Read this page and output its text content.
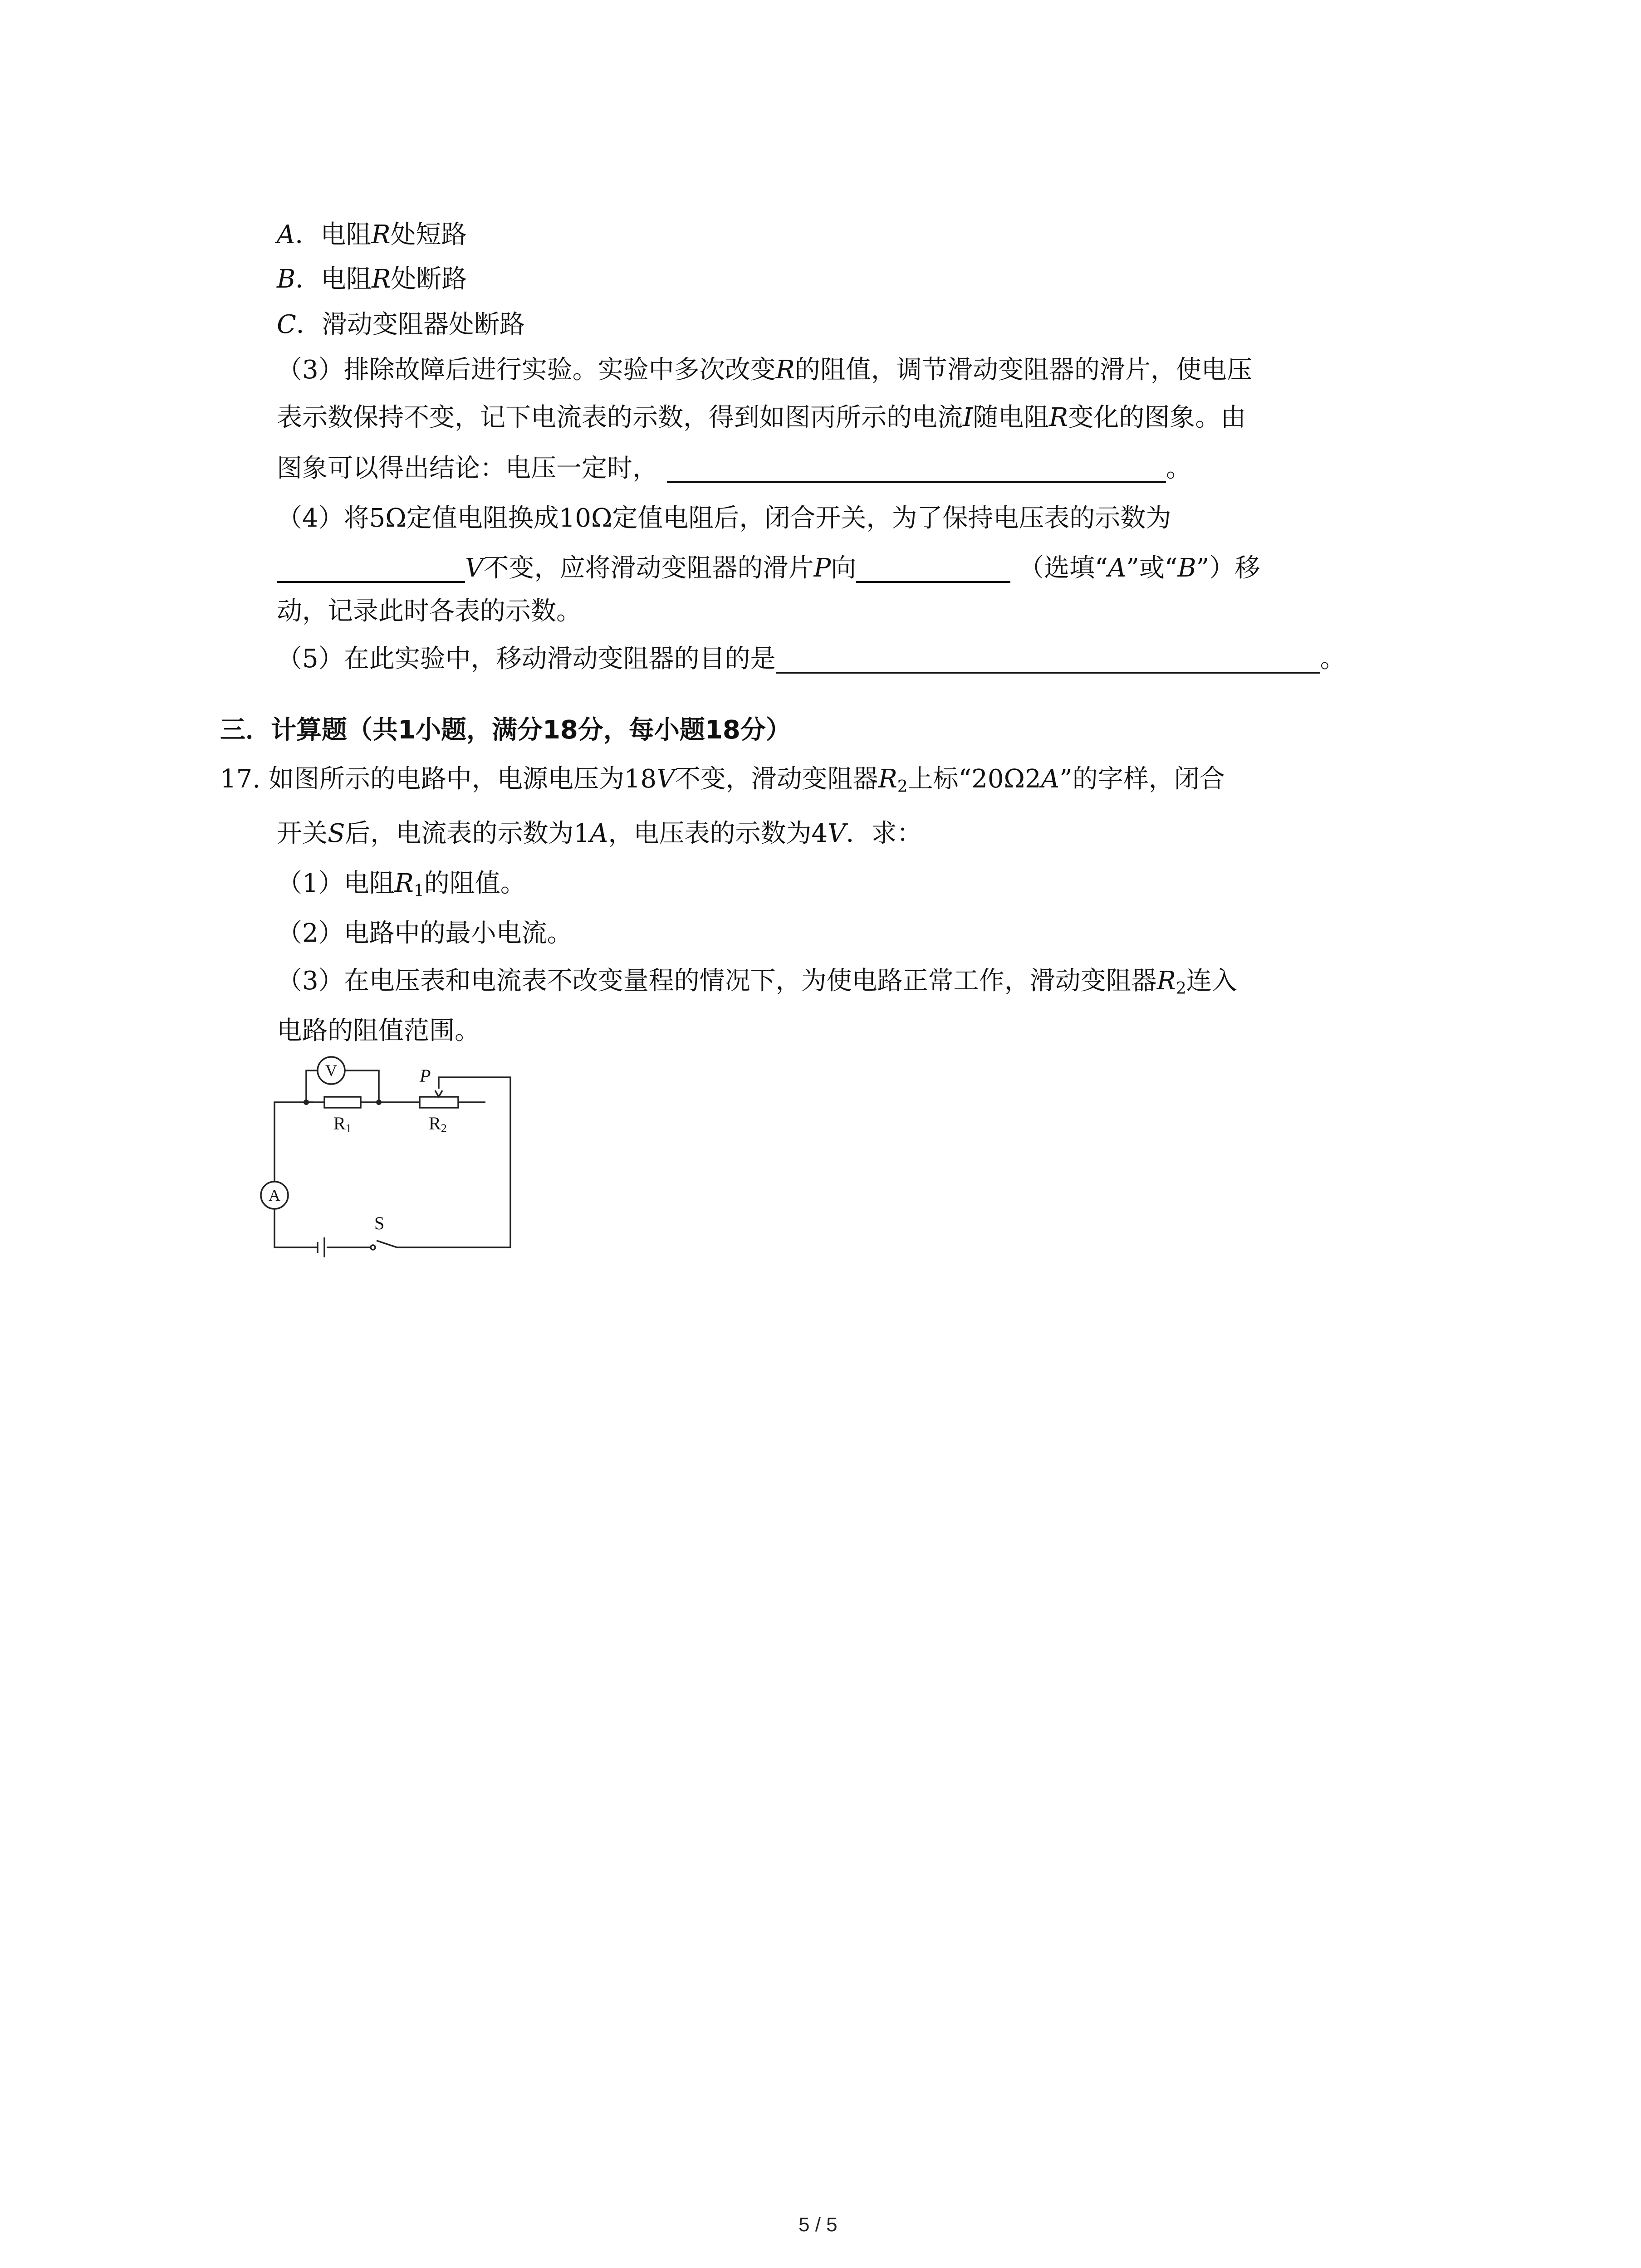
A．电阻R处短路
B．电阻R处断路
C．滑动变阻器处断路
（3）排除故障后进行实验。实验中多次改变R的阻值，调节滑动变阻器的滑片，使电压
表示数保持不变，记下电流表的示数，得到如图丙所示的电流I随电阻R变化的图象。由
图象可以得出结论：电压一定时，	。
（4）将5Ω定值电阻换成10Ω定值电阻后，闭合开关，为了保持电压表的示数为
V不变，应将滑动变阻器的滑片P向	（选填“A”或“B”）移
动，记录此时各表的示数。
（5）在此实验中，移动滑动变阻器的目的是	。
三．计算题（共1小题，满分18分，每小题18分）
17. 如图所示的电路中，电源电压为18V不变，滑动变阻器$R_2$上标“20Ω2A”的字样，闭合
开关S后，电流表的示数为1A，电压表的示数为4V．求：
（1）电阻$R_1$的阻值。
（2）电路中的最小电流。
（3）在电压表和电流表不改变量程的情况下，为使电路正常工作，滑动变阻器$R_2$连入
电路的阻值范围。
V
A
R1	R2
P
S
5 / 5
